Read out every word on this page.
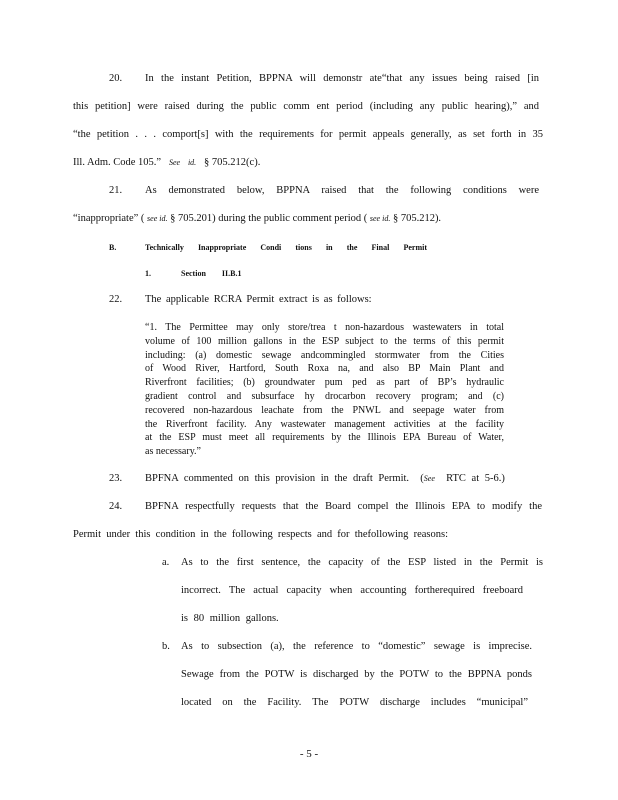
20. In the instant Petition, BPPNA will demonstr ate“that any issues being raised [in
this petition] were raised during the public comm ent period (including any public hearing),” and
“the petition . . . comport[s] with the requirements for permit appeals generally, as set forth in 35
Ill. Adm. Code 105.” See id. § 705.212(c).
21. As demonstrated below, BPPNA raised that the following conditions were
“inappropriate” ( see id. § 705.201) during the public comment period ( see id. § 705.212).
B.	Technically Inappropriate Condi tions in the Final Permit
1.	Section II.B.1
22. The applicable RCRA Permit extract is as follows:
“1. The Permittee may only store/trea t non-hazardous wastewaters in total
volume of 100 million gallons in the ESP subject to the terms of this permit
including: (a) domestic sewage andcommingled stormwater from the Cities
of Wood River, Hartford, South Roxa na, and also BP Main Plant and
Riverfront facilities; (b) groundwater pum ped as part of BP’s hydraulic
gradient control and subsurface hy drocarbon recovery program; and (c)
recovered non-hazardous leachate from the PNWL and seepage water from
the Riverfront facility. Any wastewater management activities at the facility
at the ESP must meet all requirements by the Illinois EPA Bureau of Water,
as necessary.”
23. BPFNA commented on this provision in the draft Permit. (See RTC at 5-6.)
24. BPFNA respectfully requests that the Board compel the Illinois EPA to modify the
Permit under this condition in the following respects and for thefollowing reasons:
a. As to the first sentence, the capacity of the ESP listed in the Permit is
incorrect. The actual capacity when accounting fortherequired freeboard
is 80 million gallons.
b. As to subsection (a), the reference to “domestic” sewage is imprecise.
Sewage from the POTW is discharged by the POTW to the BPPNA ponds
located on the Facility. The POTW discharge includes “municipal”
- 5 -
